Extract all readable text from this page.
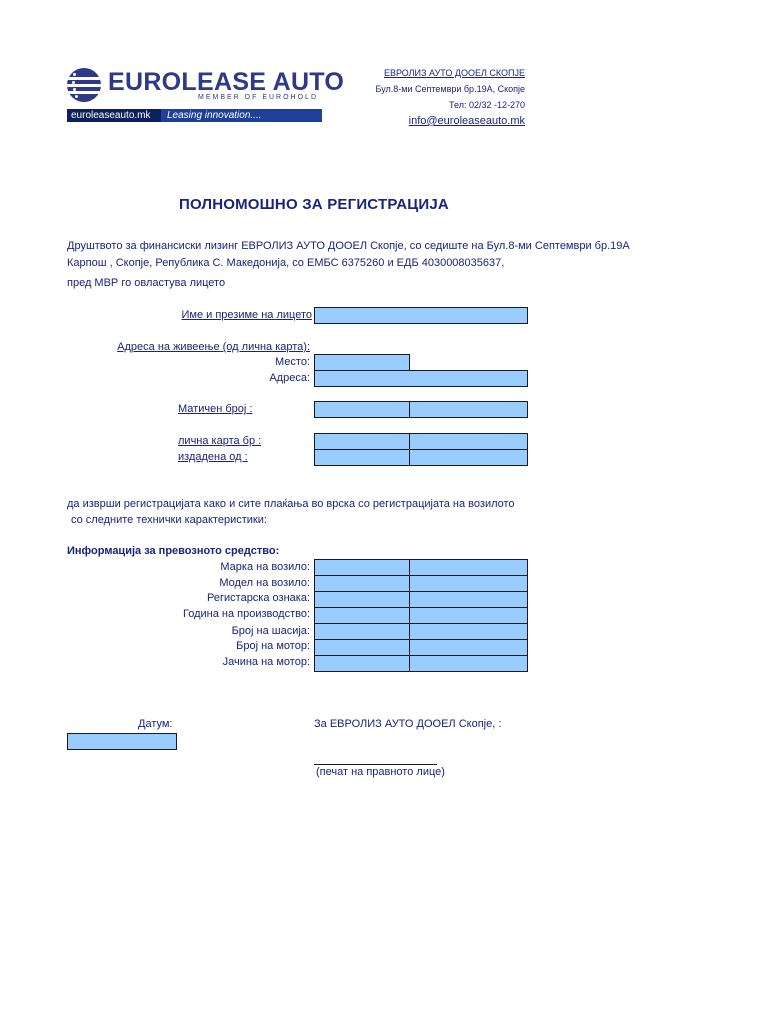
EUROLEASE AUTO
MEMBER OF EUROHOLD
euroleaseauto.mk	Leasing innovation....
ЕВРОЛИЗ АУТО ДООЕЛ СКОПЈЕ
Бул.8-ми Септември бр.19А, Скопје
Тел: 02/32 -12-270
info@euroleaseauto.mk
ПОЛНОМОШНО ЗА РЕГИСТРАЦИЈА
Друштвото за финансиски лизинг ЕВРОЛИЗ АУТО ДООЕЛ Скопје, со седиште на Бул.8-ми Септември бр.19А
Карпош , Скопје, Република С. Македонија, со ЕМБС 6375260 и ЕДБ 4030008035637,
пред МВР го овластува лицето
Име и презиме на лицето
Адреса на живеење (од лична карта):
Место:
Адреса:
Матичен број :
лична карта бр :
издадена од :
да изврши регистрацијата како и сите плаќања во врска со регистрацијата на возилото
со следните технички карактеристики:
Информација за превозното средство:
Марка на возило:
Модел на возило:
Регистарска ознака:
Година на производство:
Број на шасија:
Број на мотор:
Јачина на мотор:
Датум:	За ЕВРОЛИЗ АУТО ДООЕЛ Скопје, :
(печат на правното лице)
